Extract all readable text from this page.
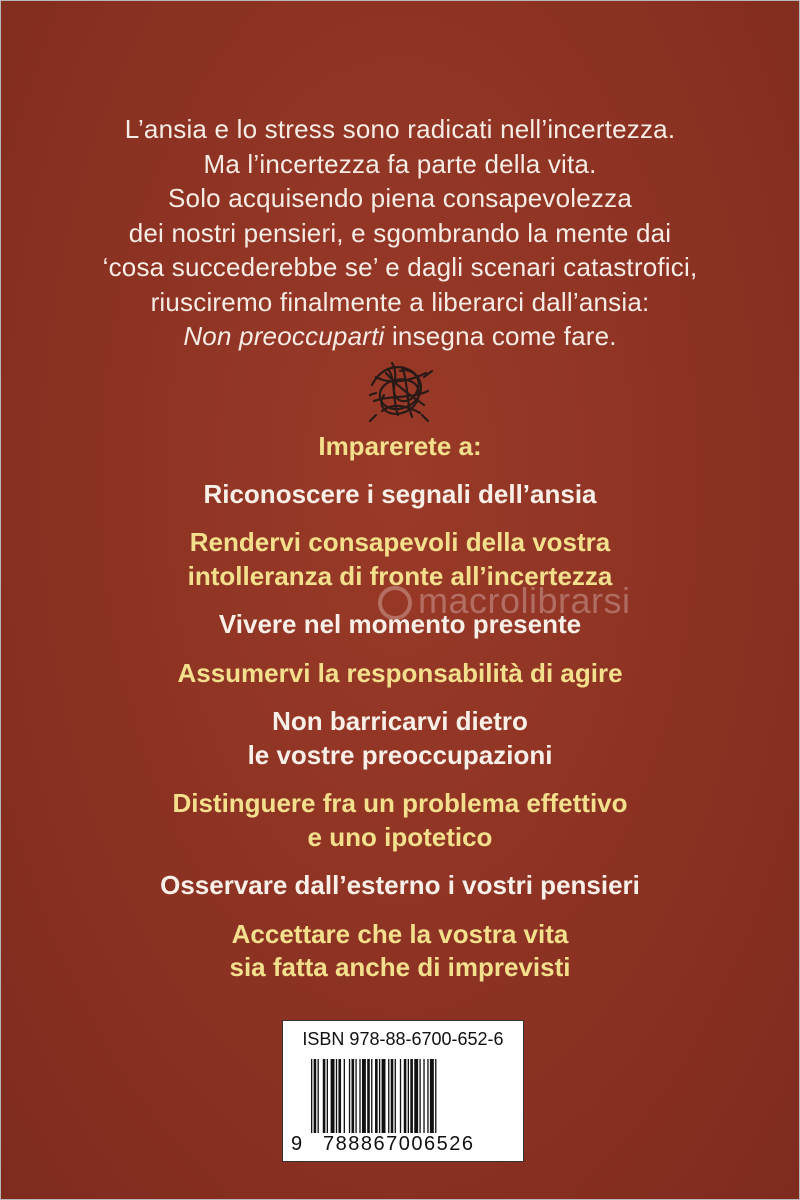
L’ansia e lo stress sono radicati nell’incertezza.
Ma l’incertezza fa parte della vita.
Solo acquisendo piena consapevolezza
dei nostri pensieri, e sgombrando la mente dai
‘cosa succederebbe se’ e dagli scenari catastrofici,
riusciremo finalmente a liberarci dall’ansia:
Non preoccuparti insegna come fare.
Imparerete a:
Riconoscere i segnali dell’ansia
Rendervi consapevoli della vostra
intolleranza di fronte all’incertezza
Vivere nel momento presente
Assumervi la responsabilità di agire
Non barricarvi dietro
le vostre preoccupazioni
Distinguere fra un problema effettivo
e uno ipotetico
Osservare dall’esterno i vostri pensieri
Accettare che la vostra vita
sia fatta anche di imprevisti
macrolibrarsi
ISBN 978-88-6700-652-6
9 788867006526
